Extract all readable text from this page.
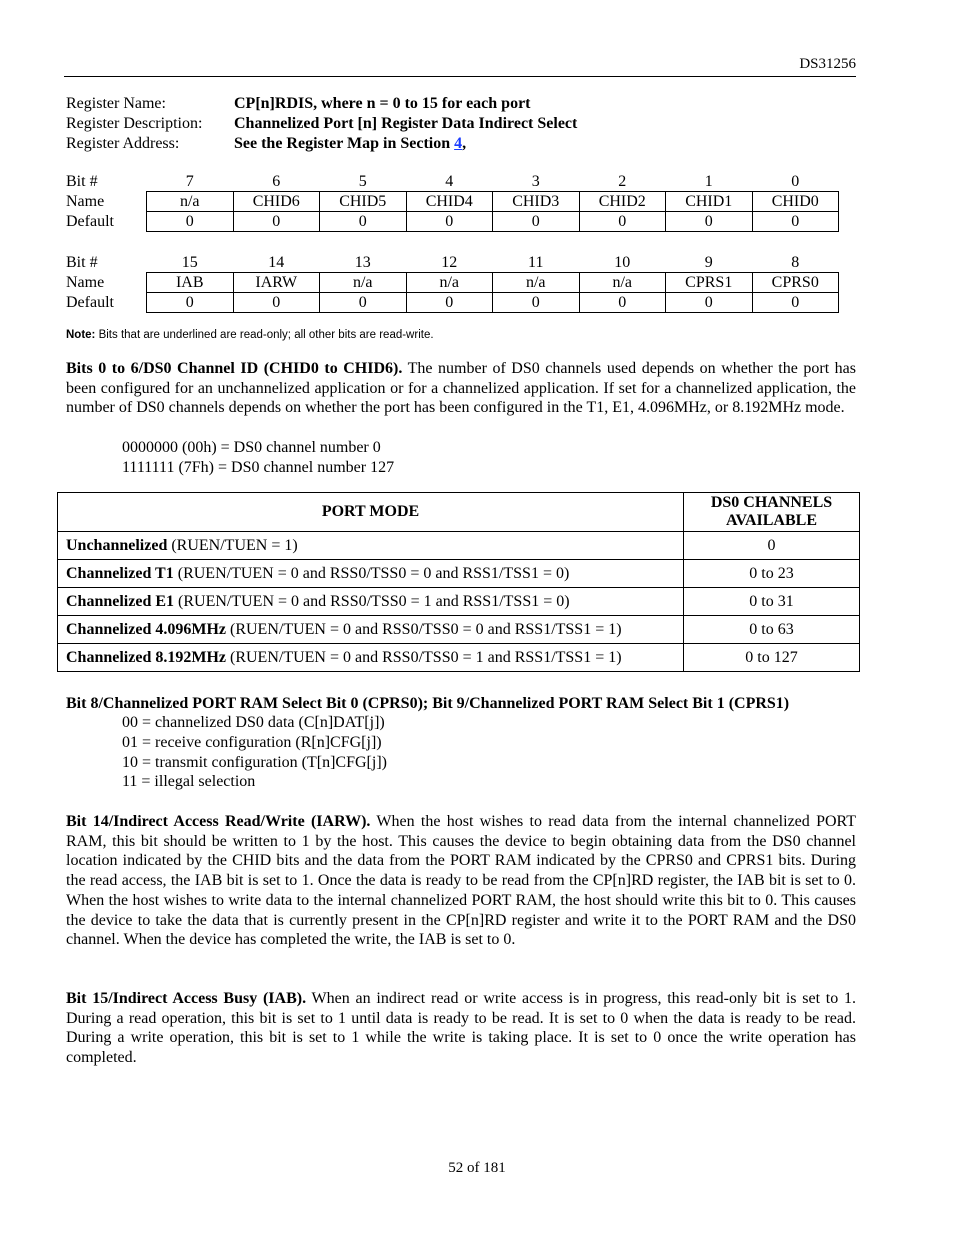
DS31256
Register Name:	CP[n]RDIS, where n = 0 to 15 for each port
Register Description:	Channelized Port [n] Register Data Indirect Select
Register Address:	See the Register Map in Section 4,
Bit #	7	6	5	4	3	2	1	0
Name	n/a	CHID6	CHID5	CHID4	CHID3	CHID2	CHID1	CHID0
Default	0	0	0	0	0	0	0	0
Bit #	15	14	13	12	11	10	9	8
Name	IAB	IARW	n/a	n/a	n/a	n/a	CPRS1	CPRS0
Default	0	0	0	0	0	0	0	0
Note: Bits that are underlined are read-only; all other bits are read-write.
Bits 0 to 6/DS0 Channel ID (CHID0 to CHID6). The number of DS0 channels used depends on whether the port has been configured for an unchannelized application or for a channelized application. If set for a channelized application, the number of DS0 channels depends on whether the port has been configured in the T1, E1, 4.096MHz, or 8.192MHz mode.
0000000 (00h) = DS0 channel number 0
1111111 (7Fh) = DS0 channel number 127
PORT MODE	DS0 CHANNELS
AVAILABLE
Unchannelized (RUEN/TUEN = 1)	0
Channelized T1 (RUEN/TUEN = 0 and RSS0/TSS0 = 0 and RSS1/TSS1 = 0)	0 to 23
Channelized E1 (RUEN/TUEN = 0 and RSS0/TSS0 = 1 and RSS1/TSS1 = 0)	0 to 31
Channelized 4.096MHz (RUEN/TUEN = 0 and RSS0/TSS0 = 0 and RSS1/TSS1 = 1)	0 to 63
Channelized 8.192MHz (RUEN/TUEN = 0 and RSS0/TSS0 = 1 and RSS1/TSS1 = 1)	0 to 127
Bit 8/Channelized PORT RAM Select Bit 0 (CPRS0); Bit 9/Channelized PORT RAM Select Bit 1 (CPRS1)
00 = channelized DS0 data (C[n]DAT[j])
01 = receive configuration (R[n]CFG[j])
10 = transmit configuration (T[n]CFG[j])
11 = illegal selection
Bit 14/Indirect Access Read/Write (IARW). When the host wishes to read data from the internal channelized PORT RAM, this bit should be written to 1 by the host. This causes the device to begin obtaining data from the DS0 channel location indicated by the CHID bits and the data from the PORT RAM indicated by the CPRS0 and CPRS1 bits. During the read access, the IAB bit is set to 1. Once the data is ready to be read from the CP[n]RD register, the IAB bit is set to 0. When the host wishes to write data to the internal channelized PORT RAM, the host should write this bit to 0. This causes the device to take the data that is currently present in the CP[n]RD register and write it to the PORT RAM and the DS0 channel. When the device has completed the write, the IAB is set to 0.
Bit 15/Indirect Access Busy (IAB). When an indirect read or write access is in progress, this read-only bit is set to 1. During a read operation, this bit is set to 1 until data is ready to be read. It is set to 0 when the data is ready to be read. During a write operation, this bit is set to 1 while the write is taking place. It is set to 0 once the write operation has completed.
52 of 181
